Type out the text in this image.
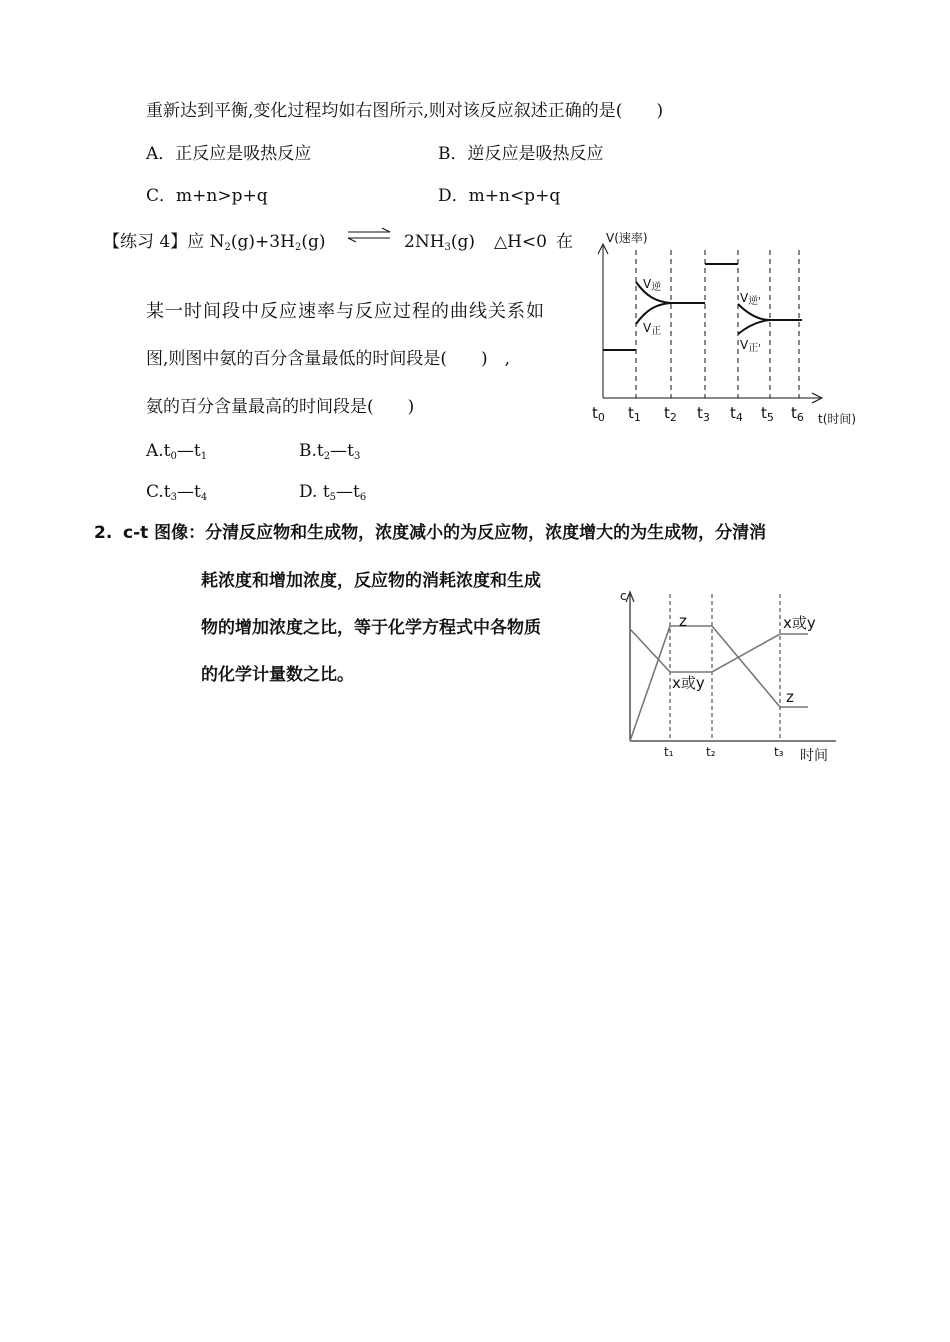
重新达到平衡,变化过程均如右图所示,则对该反应叙述正确的是(　　)
A．正反应是吸热反应	B．逆反应是吸热反应
C．m+n>p+q	D．m+n<p+q
【练习 4】应 $N_2(g)+3H_2(g)$ ⇌ $2NH_3(g)$ △H<0 在
某一时间段中反应速率与反应过程的曲线关系如
图,则图中氨的百分含量最低的时间段是(　　)　,
氨的百分含量最高的时间段是(　　)
$A.t_0—t_1$	$B.t_2—t_3$
$C.t_3—t_4$	D. $t_5—t_6$
V(速率)
V逆
V正
V逆'
V正'
$t_0$ $t_1$ $t_2$ $t_3$ $t_4$ $t_5$ $t_6$ t(时间)
2. c-t 图像：分清反应物和生成物，浓度减小的为反应物，浓度增大的为生成物，分清消
耗浓度和增加浓度，反应物的消耗浓度和生成
物的增加浓度之比，等于化学方程式中各物质
的化学计量数之比。
c
z
x或y
x或y
z
t₁	t₂	t₃ 时间
